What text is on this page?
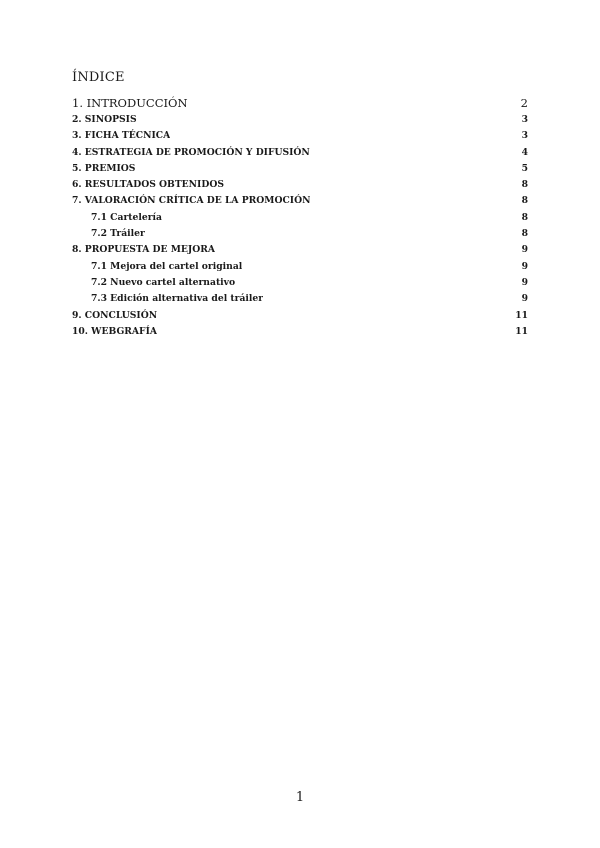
ÍNDICE
1. INTRODUCCIÓN	2
2. SINOPSIS	3
3. FICHA TÉCNICA	3
4. ESTRATEGIA DE PROMOCIÓN Y DIFUSIÓN	4
5. PREMIOS	5
6. RESULTADOS OBTENIDOS	8
7. VALORACIÓN CRÍTICA DE LA PROMOCIÓN	8
7.1 Cartelería	8
7.2 Tráiler	8
8. PROPUESTA DE MEJORA	9
7.1 Mejora del cartel original	9
7.2 Nuevo cartel alternativo	9
7.3 Edición alternativa del tráiler	9
9. CONCLUSIÓN	11
10. WEBGRAFÍA	11
1
